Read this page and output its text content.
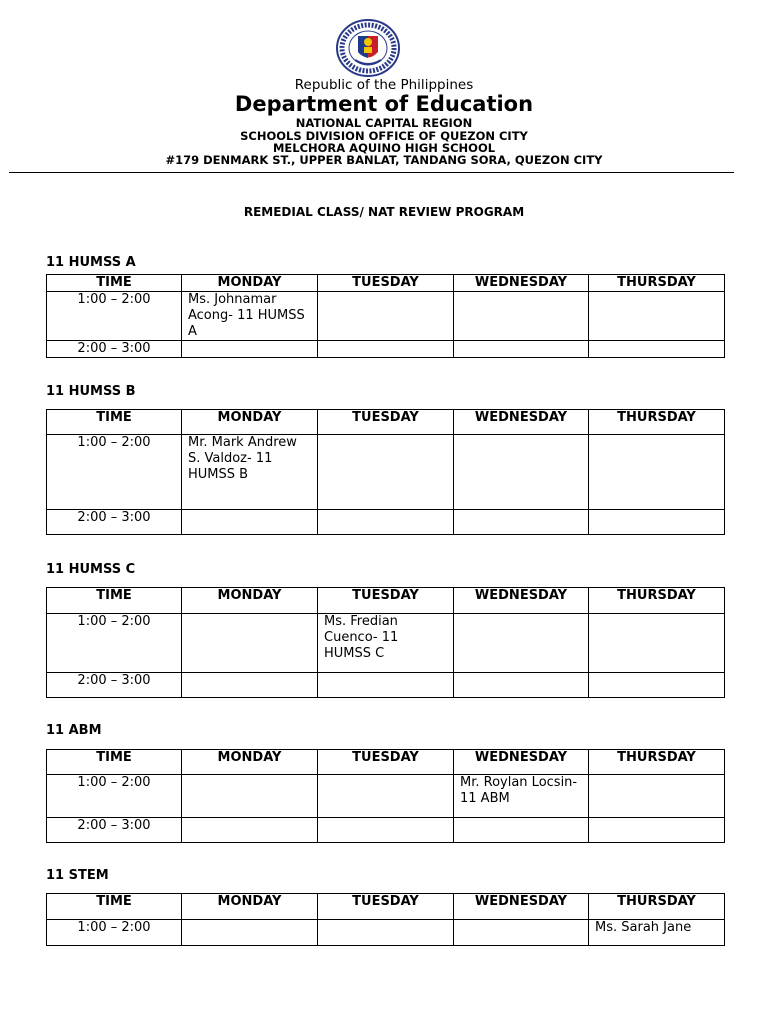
Republic of the Philippines
Department of Education
NATIONAL CAPITAL REGION
SCHOOLS DIVISION OFFICE OF QUEZON CITY
MELCHORA AQUINO HIGH SCHOOL
#179 DENMARK ST., UPPER BANLAT, TANDANG SORA, QUEZON CITY
REMEDIAL CLASS/ NAT REVIEW PROGRAM
11 HUMSS A
TIME	MONDAY	TUESDAY	WEDNESDAY	THURSDAY
1:00 – 2:00	Ms. Johnamar Acong- 11 HUMSS A			
2:00 – 3:00				
11 HUMSS B
TIME	MONDAY	TUESDAY	WEDNESDAY	THURSDAY
1:00 – 2:00	Mr. Mark Andrew S. Valdoz- 11 HUMSS B			
2:00 – 3:00				
11 HUMSS C
TIME	MONDAY	TUESDAY	WEDNESDAY	THURSDAY
1:00 – 2:00		Ms. Fredian Cuenco- 11 HUMSS C		
2:00 – 3:00				
11 ABM
TIME	MONDAY	TUESDAY	WEDNESDAY	THURSDAY
1:00 – 2:00			Mr. Roylan Locsin-11 ABM	
2:00 – 3:00				
11 STEM
TIME	MONDAY	TUESDAY	WEDNESDAY	THURSDAY
1:00 – 2:00				Ms. Sarah Jane
